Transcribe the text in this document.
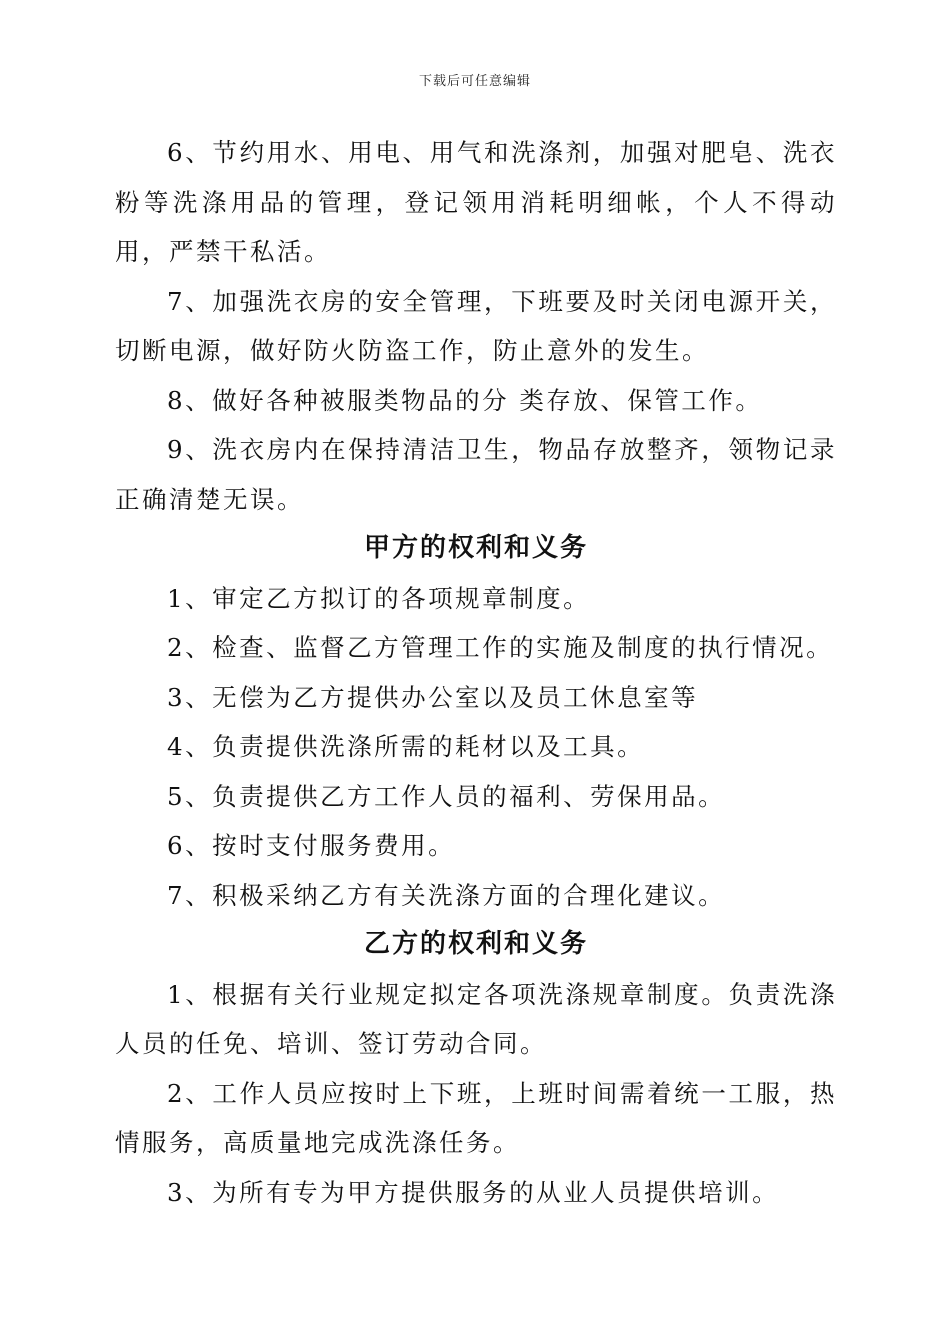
下载后可任意编辑

6、节约用水、用电、用气和洗涤剂，加强对肥皂、洗衣粉等洗涤用品的管理，登记领用消耗明细帐，个人不得动用，严禁干私活。

7、加强洗衣房的安全管理，下班要及时关闭电源开关，切断电源，做好防火防盗工作，防止意外的发生。

8、做好各种被服类物品的分 类存放、保管工作。

9、洗衣房内在保持清洁卫生，物品存放整齐，领物记录正确清楚无误。

甲方的权利和义务

1、审定乙方拟订的各项规章制度。

2、检查、监督乙方管理工作的实施及制度的执行情况。

3、无偿为乙方提供办公室以及员工休息室等

4、负责提供洗涤所需的耗材以及工具。

5、负责提供乙方工作人员的福利、劳保用品。

6、按时支付服务费用。

7、积极采纳乙方有关洗涤方面的合理化建议。

乙方的权利和义务

1、根据有关行业规定拟定各项洗涤规章制度。负责洗涤人员的任免、培训、签订劳动合同。

2、工作人员应按时上下班，上班时间需着统一工服，热情服务，高质量地完成洗涤任务。

3、为所有专为甲方提供服务的从业人员提供培训。
